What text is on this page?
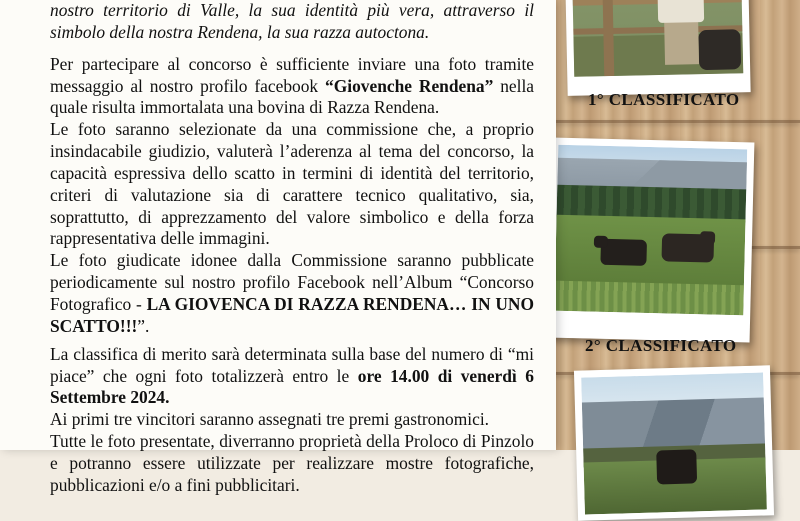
1° CLASSIFICATO
2° CLASSIFICATO

nostro territorio di Valle, la sua identità più vera, attraverso il simbolo della nostra Rendena, la sua razza autoctona.

Per partecipare al concorso è sufficiente inviare una foto tramite messaggio al nostro profilo facebook “Giovenche Rendena” nella quale risulta immortalata una bovina di Razza Rendena.

Le foto saranno selezionate da una commissione che, a proprio insindacabile giudizio, valuterà l’aderenza al tema del concorso, la capacità espressiva dello scatto in termini di identità del territorio, criteri di valutazione sia di carattere tecnico qualitativo, sia, soprattutto, di apprezzamento del valore simbolico e della forza rappresentativa delle immagini.

Le foto giudicate idonee dalla Commissione saranno pubblicate periodicamente sul nostro profilo Facebook nell’Album “Concorso Fotografico - LA GIOVENCA DI RAZZA RENDENA… IN UNO SCATTO!!!”.

La classifica di merito sarà determinata sulla base del numero di “mi piace” che ogni foto totalizzerà entro le ore 14.00 di venerdì 6 Settembre 2024.

Ai primi tre vincitori saranno assegnati tre premi gastronomici.

Tutte le foto presentate, diverranno proprietà della Proloco di Pinzolo e potranno essere utilizzate per realizzare mostre fotografiche, pubblicazioni e/o a fini pubblicitari.
